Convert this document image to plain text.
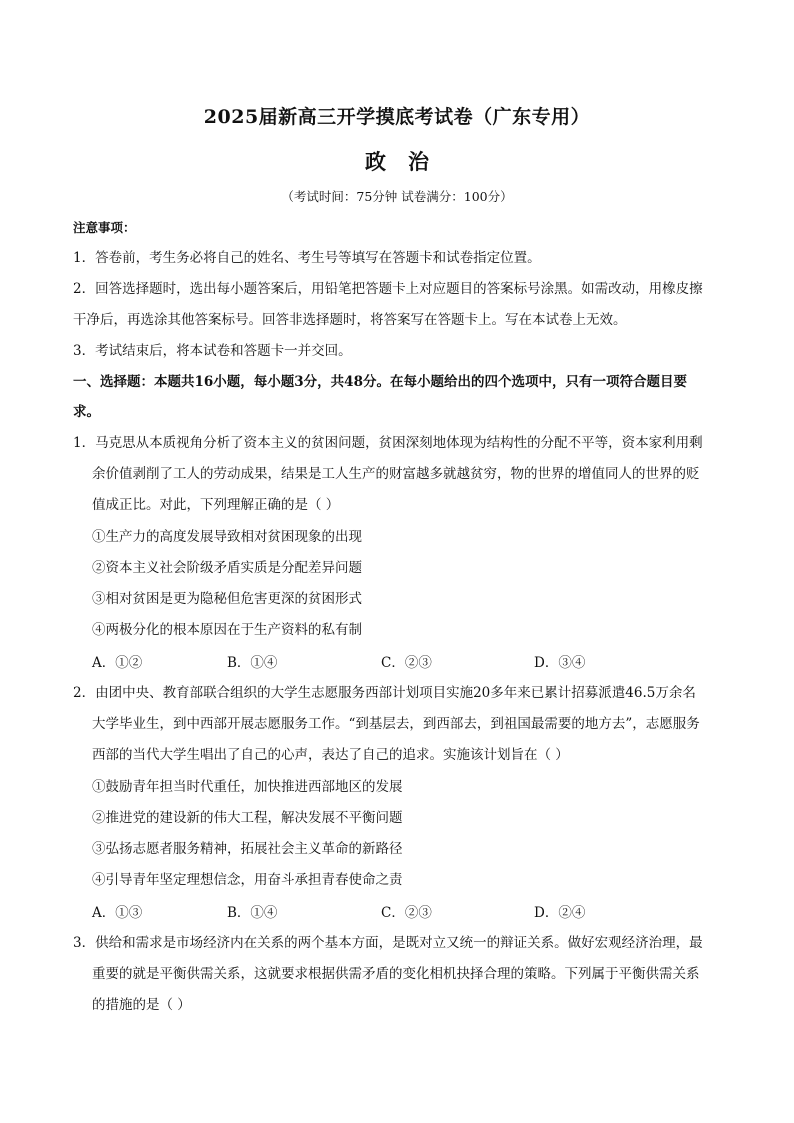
2025届新高三开学摸底考试卷（广东专用）
政治
（考试时间：75分钟 试卷满分：100分）
注意事项：
1．答卷前，考生务必将自己的姓名、考生号等填写在答题卡和试卷指定位置。
2．回答选择题时，选出每小题答案后，用铅笔把答题卡上对应题目的答案标号涂黑。如需改动，用橡皮擦
干净后，再选涂其他答案标号。回答非选择题时，将答案写在答题卡上。写在本试卷上无效。
3．考试结束后，将本试卷和答题卡一并交回。
一、选择题：本题共16小题，每小题3分，共48分。在每小题给出的四个选项中，只有一项符合题目要
求。
1．马克思从本质视角分析了资本主义的贫困问题，贫困深刻地体现为结构性的分配不平等，资本家利用剩
余价值剥削了工人的劳动成果，结果是工人生产的财富越多就越贫穷，物的世界的增值同人的世界的贬
值成正比。对此，下列理解正确的是（ ）
①生产力的高度发展导致相对贫困现象的出现
②资本主义社会阶级矛盾实质是分配差异问题
③相对贫困是更为隐秘但危害更深的贫困形式
④两极分化的根本原因在于生产资料的私有制
A．①②	B．①④	C．②③	D．③④
2．由团中央、教育部联合组织的大学生志愿服务西部计划项目实施20多年来已累计招募派遣46.5万余名
大学毕业生，到中西部开展志愿服务工作。“到基层去，到西部去，到祖国最需要的地方去”，志愿服务
西部的当代大学生唱出了自己的心声，表达了自己的追求。实施该计划旨在（ ）
①鼓励青年担当时代重任，加快推进西部地区的发展
②推进党的建设新的伟大工程，解决发展不平衡问题
③弘扬志愿者服务精神，拓展社会主义革命的新路径
④引导青年坚定理想信念，用奋斗承担青春使命之责
A．①③	B．①④	C．②③	D．②④
3．供给和需求是市场经济内在关系的两个基本方面，是既对立又统一的辩证关系。做好宏观经济治理，最
重要的就是平衡供需关系，这就要求根据供需矛盾的变化相机抉择合理的策略。下列属于平衡供需关系
的措施的是（ ）
